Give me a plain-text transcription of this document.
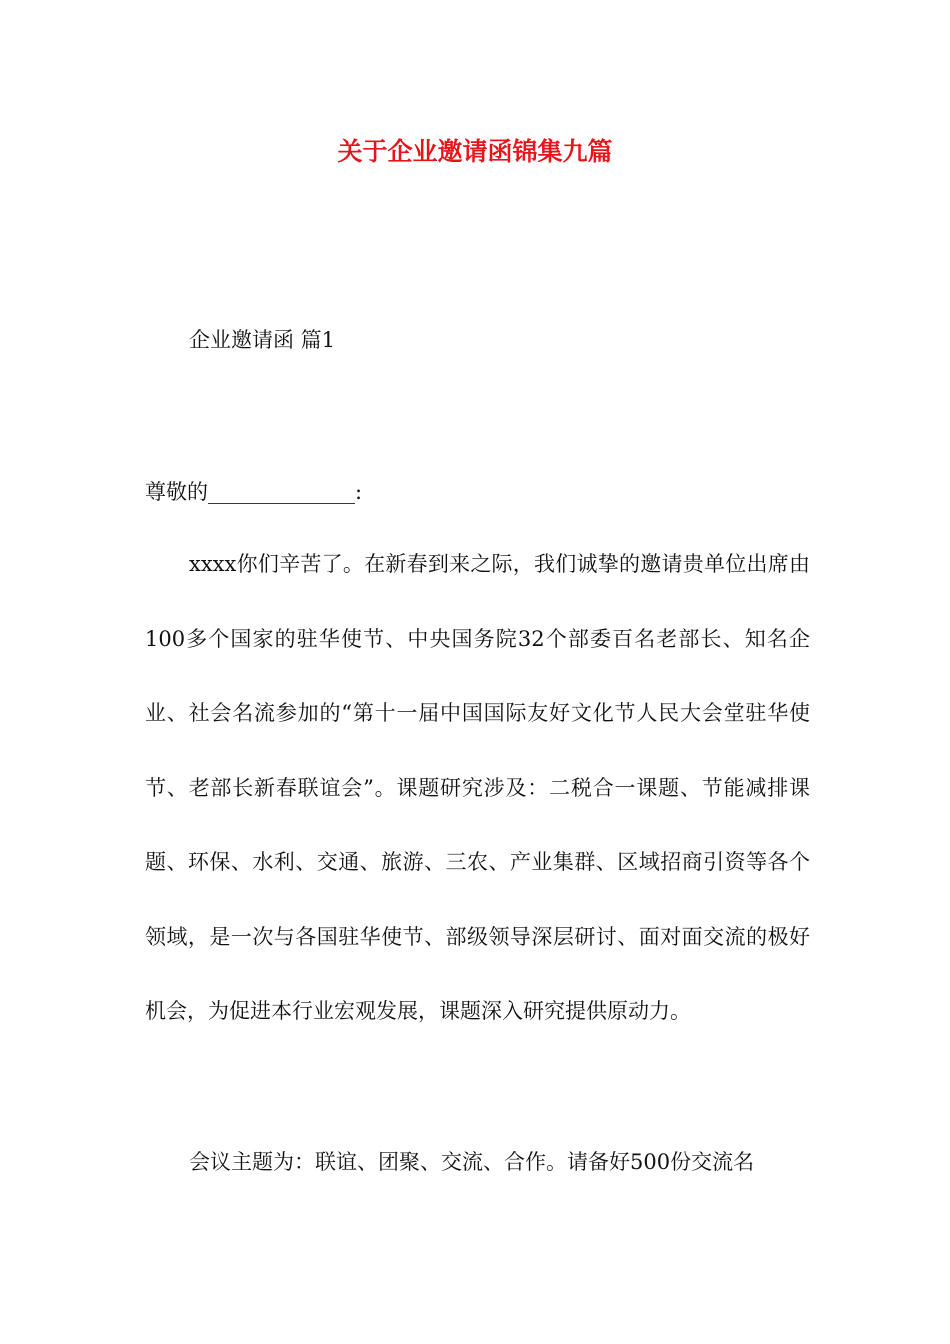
关于企业邀请函锦集九篇

企业邀请函 篇1

尊敬的______________:

xxxx你们辛苦了。在新春到来之际，我们诚挚的邀请贵单位出席由100多个国家的驻华使节、中央国务院32个部委百名老部长、知名企业、社会名流参加的“第十一届中国国际友好文化节人民大会堂驻华使节、老部长新春联谊会”。课题研究涉及：二税合一课题、节能减排课题、环保、水利、交通、旅游、三农、产业集群、区域招商引资等各个领域，是一次与各国驻华使节、部级领导深层研讨、面对面交流的极好机会，为促进本行业宏观发展，课题深入研究提供原动力。

会议主题为：联谊、团聚、交流、合作。请备好500份交流名
